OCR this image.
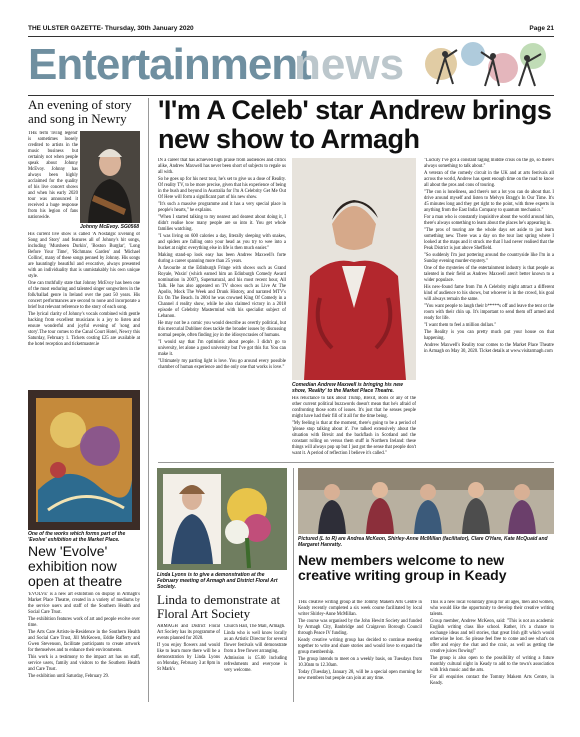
THE ULSTER GAZETTE- Thursday, 30th January 2020	Page 21
Entertainment
news
An evening of story and song in Newry

THE term 'living legend' is sometimes loosely credited to artists in the music business but certainly not when people speak about Johnny McEvoy. Johnny has always been highly acclaimed for the quality of his live concert shows and when his early 2020 tour was announced it received a huge response from his legion of fans nationwide.

Johnny McEvoy. SG0568

His current live show is called 'A Nostalgic Evening of Song and Story' and features all of Johnny's hit songs, including 'Mursheen Durkin', 'Boston Burglar', 'Long Before Your Time', 'Richmans Garden' and 'Michael Collins', many of these songs penned by Johnny. His songs are hauntingly beautiful and evocative, always presented with an individuality that is unmistakably his own unique style.

One can truthfully state that Johnny McEvoy has been one of the most enduring and talented singer songwriters in the folk/ballad genre in Ireland over the past 50 years. His concert performances are second to none and incorporate a brief but relevant reference to the story of each song.

The lyrical clarity of Johnny's vocals combined with gentle backing from excellent musicians is a joy to listen and ensure wonderful and joyful evening of 'song and story'.The tour comes to the Canal Court Hotel, Newry this Saturday, February 1. Tickets costing £25 are available at the hotel reception and ticketmaster.ie

One of the works which forms part of the 'Evolve' exhibition at the Market Place.
New 'Evolve' exhibition now open at theatre

'EVOLVE' is a new art exhibition on display in Armagh's Market Place Theatre, created in a variety of mediums by the service users and staff of the Southern Health and Social Care Trust.

The exhibition features work of art and people evolve over time.

The Arts Care Artists-in-Residence in the Southern Health and Social Care Trust, Jill McKeown, Eddie Rafferty and Gwen Stevenson, facilitate participants to create artwork for themselves and to enhance their environments.

This work is a testimony to the impact art has on staff, service users, family and visitors to the Southern Health and Care Trust.

The exhibition until Saturday, February 29.

'I'm A Celeb' star Andrew brings new show to Armagh

IN a career that has achieved high praise from audiences and critics alike, Andrew Maxwell has never been short of subjects to regale us all with.

So he goes up for his next tour, he's set to give us a dose of Reality. Of reality TV, to be more precise, given that his experience of being in the bush and beyond in Australia for I'm A Celebrity Get Me Out Of Here will form a significant part of his new show.

"It's such a massive programme and it has a very special place in people's hearts," he explains.

"When I started talking to my nearest and dearest about doing it, I didn't realise how many people are so into it. You get whole families watching.

"I was living on 600 calories a day, literally sleeping with snakes, and spiders are falling onto your head as you try to wee into a bucket at night: everything else in life is then much easier."

Making stand-up look easy has been Andrew Maxwell's forte during a career spanning more than 25 years.

A favourite at the Edinburgh Fringe with shows such as Grand Royale, Waxin' (which earned him an Edinburgh Comedy Award nomination in 2007), Supernatural, and his most recent hour, All Talk. He has also appeared on TV shows such as Live At The Apollo, Mock The Week and Drunk History, and narrated MTV's Ex On The Beach. In 2004 he was crowned King Of Comedy in a Channel 4 reality show, while he also claimed victory in a 2018 episode of Celebrity Mastermind with his specialist subject of Lebanon.

He may not be a comic you would describe as overtly political, but this mercurial Dubliner does tackle the broader issues by discussing normal people, often finding joy in the idiosyncrasies of humans.

"I would say that I'm optimistic about people. I didn't go to university, let alone a good university but I've got this fur. You can make it.

"Ultimately my parting light is love. You go around every possible chamber of human experience and the only one that works is love."

Comedian Andrew Maxwell is bringing his new show, 'Reality' to the Market Place Theatre.

His reluctance to talk about Trump, Brexit, Boris or any of the other current political buzzwords doesn't mean that he's afraid of confronting those sorts of issues. It's just that he senses people might have had their fill of it all for the time being.

"My feeling is that at the moment, there's going to be a period of 'please stop talking about it'. I've talked extensively about the situation with Brexit and the backflash in Scotland and the constant rolling on versus them stuff in Northern Ireland: these things will always pop up but I just got the sense that people don't want it. A period of reflection I believe it's called."

"Luckily I've got a constant raging middle crisis on the go, so there's always something to talk about."

A veteran of the comedy circuit in the UK and at arts festivals all across the world, Andrew has spent enough time on the road to know all about the pros and cons of touring.

"The con is loneliness, and there's not a lot you can do about that. I drive around myself and listen to Melvyn Bragg's In Our Time. It's 45 minutes long and they get right to the point, with three experts in anything from the East India Company to quantum mechanics."

For a man who is constantly inquisitive about the world around him, there's always something to learn about the places he's appearing in.

"The pros of touring are the whole days set aside to just learn something new. There was a day on the tour last spring where I looked at the maps and it struck me that I had never realised that the Peak District is just above Sheffield.

"So suddenly I'm just pottering around the countryside like I'm in a Sunday evening murder-mystery."

One of the mysteries of the entertainment industry is that people as talented in their field as Andrew Maxwell aren't better known to a wider populace.

His new-found fame from I'm A Celebrity might attract a different kind of audience to his shows, but whoever is in the crowd, his goal will always remain the same.

"You want people to laugh their b*****s off and leave the tent or the room with their chin up. It's important to send them off armed and ready for life.

"I want them to feel a million dollars."

The Reality is you can pretty much put your house on that happening.

Andrew Maxwell's Reality tour comes to the Market Place Theatre in Armagh on May 30, 2020. Ticket details at www.visitarmagh.com

Linda Lyons is to give a demonstration at the February meeting of Armagh and District Floral Art Society.
Linda to demonstrate at Floral Art Society

ARMAGH and District Floral Art Society has its programme of events planned for 2020.

If you enjoy flowers and would like to learn more there will be a demonstration by Linda Lyons on Monday, February 3 at 8pm in St Mark's

Church Hall, The Mall, Armagh.

Linda who is well know locally as an Artistic Director for several flower festivals will demonstrate from a free flower arranging.

Admission is £5.00 including refreshments and everyone is very welcome.

Pictured (L to R) are Andrea McKeon, Shirley-Anne McMillan (facilitator), Clare O'Hare, Kate McQuaid and Margaret Hanratty.
New members welcome to new creative writing group in Keady

THE creative writing group at the Tommy Makem Arts Centre in Keady recently completed a six week course facilitated by local writer Shirley-Anne McMillan.

The course was organised by the John Hewitt Society and funded by Armagh City, Banbridge and Craigavon Borough Council through Peace IV funding.

Keady creative writing group has decided to continue meeting together to write and share stories and would love to expand the group membership.

The group intends to meet on a weekly basis, on Tuesdays from 10.30am to 12.30am.

Today (Tuesday), January 28, will be a special open morning for new members but people can join at any time.

This is a new local voluntary group for all ages, men and women, who would like the opportunity to develop their creative writing talents.

Group member, Andrew McKeon, said: "This is not an academic English writing class like school. Rather, it's a chance to exchange ideas and tell stories, that great Irish gift which would otherwise be lost. So please feel free to come and see what's on offer and enjoy the chat and the craic, as well as getting the creative juices flowing!"

The group is also open to the possibility of writing a future monthly cultural night in Keady to add to the town's association with Irish music and the arts.

For all enquiries contact the Tommy Makem Arts Centre, in Keady.
